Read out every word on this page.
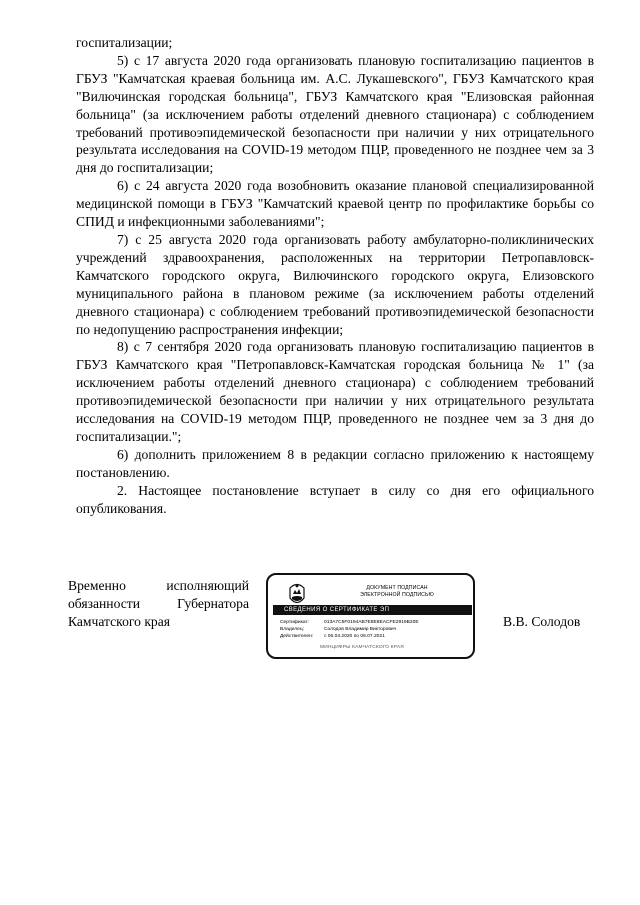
госпитализации;

5) с 17 августа 2020 года организовать плановую госпитализацию пациентов в ГБУЗ "Камчатская краевая больница им. А.С. Лукашевского", ГБУЗ Камчатского края "Вилючинская городская больница", ГБУЗ Камчатского края "Елизовская районная больница" (за исключением работы отделений дневного стационара) с соблюдением требований противоэпидемической безопасности при наличии у них отрицательного результата исследования на COVID-19 методом ПЦР, проведенного не позднее чем за 3 дня до госпитализации;

6) с 24 августа 2020 года возобновить оказание плановой специализированной медицинской помощи в ГБУЗ "Камчатский краевой центр по профилактике борьбы со СПИД и инфекционными заболеваниями";

7) с 25 августа 2020 года организовать работу амбулаторно-поликлинических учреждений здравоохранения, расположенных на территории Петропавловск-Камчатского городского округа, Вилючинского городского округа, Елизовского муниципального района в плановом режиме (за исключением работы отделений дневного стационара) с соблюдением требований противоэпидемической безопасности по недопущению распространения инфекции;

8) с 7 сентября 2020 года организовать плановую госпитализацию пациентов в ГБУЗ Камчатского края "Петропавловск-Камчатская городская больница № 1" (за исключением работы отделений дневного стационара) с соблюдением требований противоэпидемической безопасности при наличии у них отрицательного результата исследования на COVID-19 методом ПЦР, проведенного не позднее чем за 3 дня до госпитализации.";

6) дополнить приложением 8 в редакции согласно приложению к настоящему постановлению.

2. Настоящее постановление вступает в силу со дня его официального опубликования.

Временно	исполняющий
обязанности	Губернатора
Камчатского края
ДОКУМЕНТ ПОДПИСАН
ЭЛЕКТРОННОЙ ПОДПИСЬЮ
СВЕДЕНИЯ О СЕРТИФИКАТЕ ЭП
Сертификат:	013A7C5F0194AB7E8E8EACFE2919B20E
Владелец:	Солодов Владимир Викторович
Действителен:	с 06.04.2020 по 06.07.2021
МИНЦИФРЫ КАМЧАТСКОГО КРАЯ
В.В. Солодов
